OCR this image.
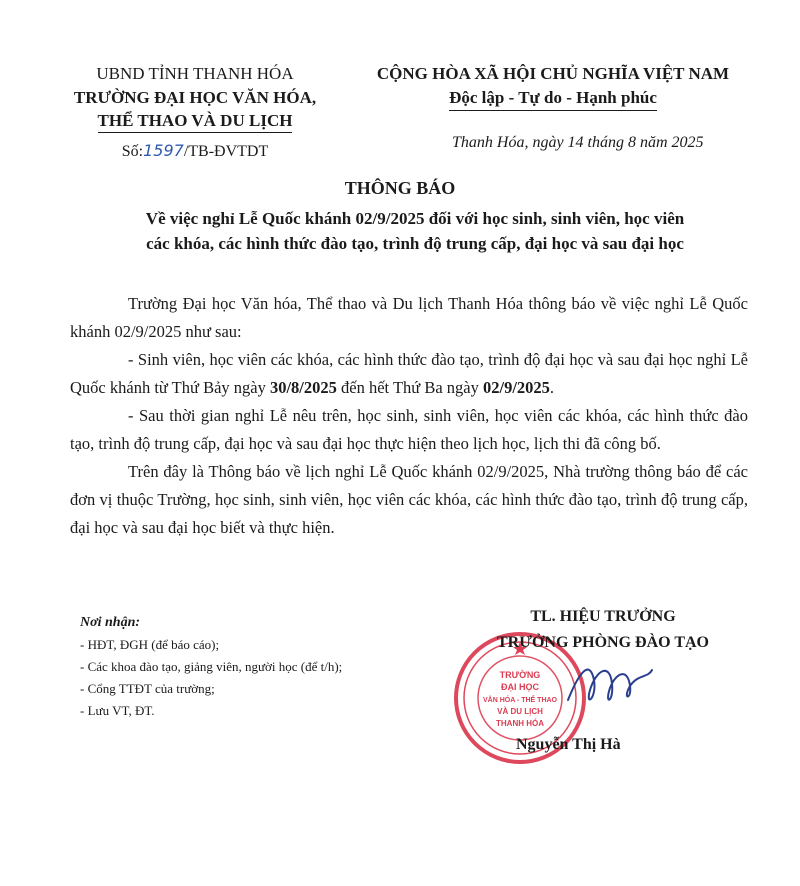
UBND TỈNH THANH HÓA
TRƯỜNG ĐẠI HỌC VĂN HÓA,
THỂ THAO VÀ DU LỊCH
Số:1597/TB-ĐVTDT
CỘNG HÒA XÃ HỘI CHỦ NGHĨA VIỆT NAM
Độc lập - Tự do - Hạnh phúc
Thanh Hóa, ngày 14 tháng 8 năm 2025
THÔNG BÁO
Về việc nghỉ Lễ Quốc khánh 02/9/2025 đối với học sinh, sinh viên, học viên
các khóa, các hình thức đào tạo, trình độ trung cấp, đại học và sau đại học

Trường Đại học Văn hóa, Thể thao và Du lịch Thanh Hóa thông báo về việc nghỉ Lễ Quốc khánh 02/9/2025 như sau:

- Sinh viên, học viên các khóa, các hình thức đào tạo, trình độ đại học và sau đại học nghỉ Lễ Quốc khánh từ Thứ Bảy ngày 30/8/2025 đến hết Thứ Ba ngày 02/9/2025.

- Sau thời gian nghỉ Lễ nêu trên, học sinh, sinh viên, học viên các khóa, các hình thức đào tạo, trình độ trung cấp, đại học và sau đại học thực hiện theo lịch học, lịch thi đã công bố.

Trên đây là Thông báo về lịch nghỉ Lễ Quốc khánh 02/9/2025, Nhà trường thông báo để các đơn vị thuộc Trường, học sinh, sinh viên, học viên các khóa, các hình thức đào tạo, trình độ trung cấp, đại học và sau đại học biết và thực hiện.

Nơi nhận:
- HĐT, ĐGH (để báo cáo);
- Các khoa đào tạo, giảng viên, người học (để t/h);
- Cổng TTĐT của trường;
- Lưu VT, ĐT.
TRƯỜNG
ĐẠI HỌC
VĂN HÓA - THỂ THAO
VÀ DU LỊCH
THANH HÓA
TL. HIỆU TRƯỞNG
TRƯỞNG PHÒNG ĐÀO TẠO
Nguyễn Thị Hà
